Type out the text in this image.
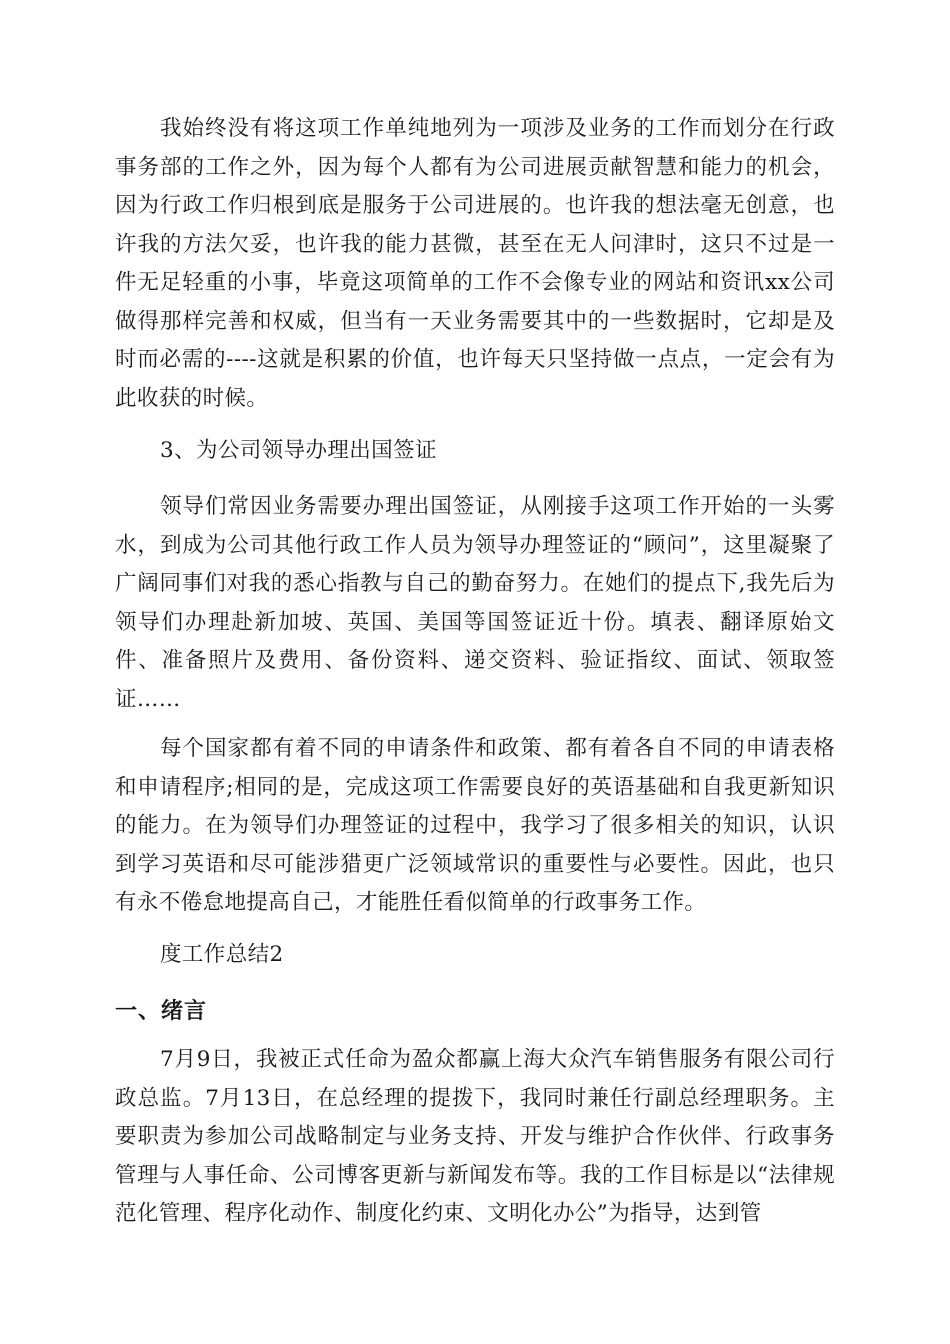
我始终没有将这项工作单纯地列为一项涉及业务的工作而划分在行政事务部的工作之外，因为每个人都有为公司进展贡献智慧和能力的机会，因为行政工作归根到底是服务于公司进展的。也许我的想法毫无创意，也许我的方法欠妥，也许我的能力甚微，甚至在无人问津时，这只不过是一件无足轻重的小事，毕竟这项简单的工作不会像专业的网站和资讯xx公司做得那样完善和权威，但当有一天业务需要其中的一些数据时，它却是及时而必需的----这就是积累的价值，也许每天只坚持做一点点，一定会有为此收获的时候。

3、为公司领导办理出国签证

领导们常因业务需要办理出国签证，从刚接手这项工作开始的一头雾水，到成为公司其他行政工作人员为领导办理签证的“顾问”，这里凝聚了广阔同事们对我的悉心指教与自己的勤奋努力。在她们的提点下,我先后为领导们办理赴新加坡、英国、美国等国签证近十份。填表、翻译原始文件、准备照片及费用、备份资料、递交资料、验证指纹、面试、领取签证……

每个国家都有着不同的申请条件和政策、都有着各自不同的申请表格和申请程序;相同的是，完成这项工作需要良好的英语基础和自我更新知识的能力。在为领导们办理签证的过程中，我学习了很多相关的知识，认识到学习英语和尽可能涉猎更广泛领域常识的重要性与必要性。因此，也只有永不倦怠地提高自己，才能胜任看似简单的行政事务工作。

度工作总结2

一、绪言

7月9日，我被正式任命为盈众都赢上海大众汽车销售服务有限公司行政总监。7月13日，在总经理的提拨下，我同时兼任行副总经理职务。主要职责为参加公司战略制定与业务支持、开发与维护合作伙伴、行政事务管理与人事任命、公司博客更新与新闻发布等。我的工作目标是以“法律规范化管理、程序化动作、制度化约束、文明化办公”为指导，达到管
